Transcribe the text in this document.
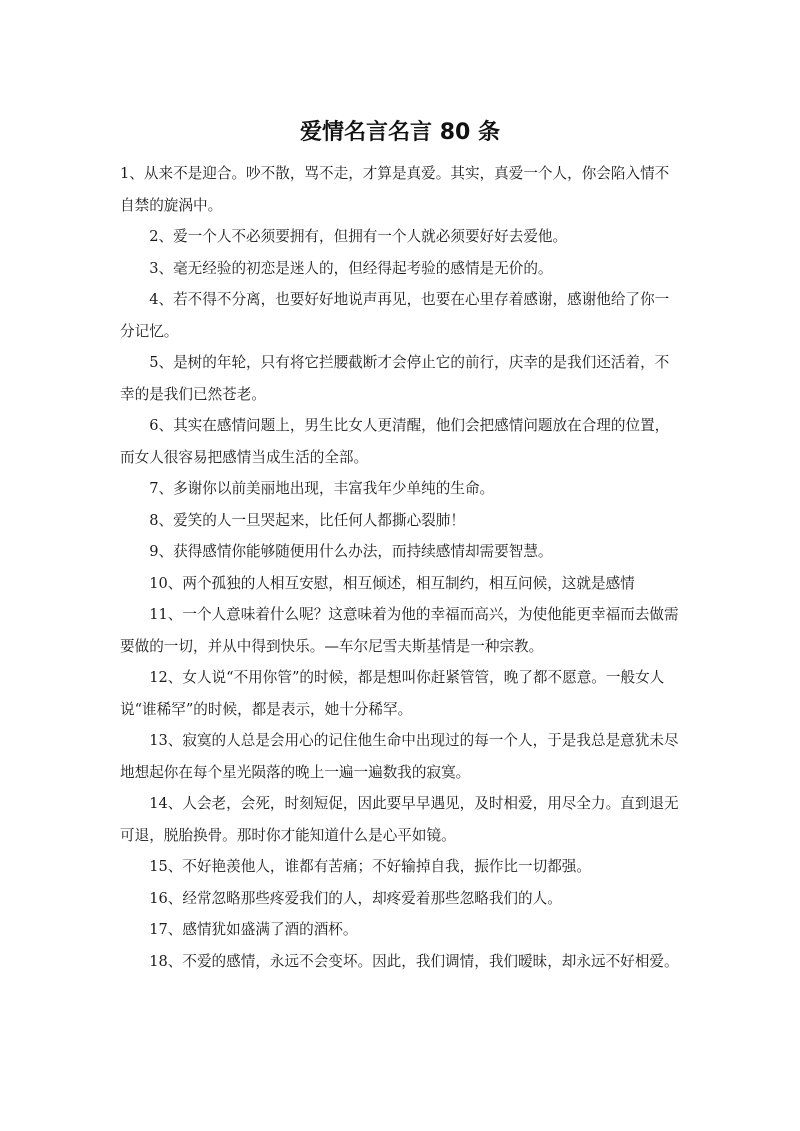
爱情名言名言 80 条

1、从来不是迎合。吵不散，骂不走，才算是真爱。其实，真爱一个人，你会陷入情不自禁的旋涡中。

2、爱一个人不必须要拥有，但拥有一个人就必须要好好去爱他。

3、毫无经验的初恋是迷人的，但经得起考验的感情是无价的。

4、若不得不分离，也要好好地说声再见，也要在心里存着感谢，感谢他给了你一分记忆。

5、是树的年轮，只有将它拦腰截断才会停止它的前行，庆幸的是我们还活着，不幸的是我们已然苍老。

6、其实在感情问题上，男生比女人更清醒，他们会把感情问题放在合理的位置，而女人很容易把感情当成生活的全部。

7、多谢你以前美丽地出现，丰富我年少单纯的生命。

8、爱笑的人一旦哭起来，比任何人都撕心裂肺！

9、获得感情你能够随便用什么办法，而持续感情却需要智慧。

10、两个孤独的人相互安慰，相互倾述，相互制约，相互问候，这就是感情

11、一个人意味着什么呢？这意味着为他的幸福而高兴，为使他能更幸福而去做需要做的一切，并从中得到快乐。—车尔尼雪夫斯基情是一种宗教。

12、女人说“不用你管”的时候，都是想叫你赶紧管管，晚了都不愿意。一般女人说“谁稀罕”的时候，都是表示，她十分稀罕。

13、寂寞的人总是会用心的记住他生命中出现过的每一个人，于是我总是意犹未尽地想起你在每个星光陨落的晚上一遍一遍数我的寂寞。

14、人会老，会死，时刻短促，因此要早早遇见，及时相爱，用尽全力。直到退无可退，脱胎换骨。那时你才能知道什么是心平如镜。

15、不好艳羡他人，谁都有苦痛；不好输掉自我，振作比一切都强。

16、经常忽略那些疼爱我们的人，却疼爱着那些忽略我们的人。

17、感情犹如盛满了酒的酒杯。

18、不爱的感情，永远不会变坏。因此，我们调情，我们暧昧，却永远不好相爱。
